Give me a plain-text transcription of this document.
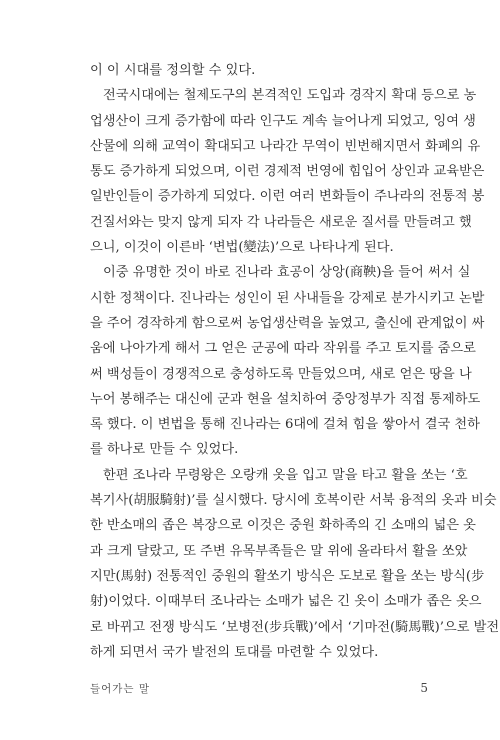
이 이 시대를 정의할 수 있다.
전국시대에는 철제도구의 본격적인 도입과 경작지 확대 등으로 농
업생산이 크게 증가함에 따라 인구도 계속 늘어나게 되었고, 잉여 생
산물에 의해 교역이 확대되고 나라간 무역이 빈번해지면서 화폐의 유
통도 증가하게 되었으며, 이런 경제적 번영에 힘입어 상인과 교육받은
일반인들이 증가하게 되었다. 이런 여러 변화들이 주나라의 전통적 봉
건질서와는 맞지 않게 되자 각 나라들은 새로운 질서를 만들려고 했
으니, 이것이 이른바 ‘변법(變法)’으로 나타나게 된다.
이중 유명한 것이 바로 진나라 효공이 상앙(商鞅)을 들어 써서 실
시한 정책이다. 진나라는 성인이 된 사내들을 강제로 분가시키고 논밭
을 주어 경작하게 함으로써 농업생산력을 높였고, 출신에 관계없이 싸
움에 나아가게 해서 그 얻은 군공에 따라 작위를 주고 토지를 줌으로
써 백성들이 경쟁적으로 충성하도록 만들었으며, 새로 얻은 땅을 나
누어 봉해주는 대신에 군과 현을 설치하여 중앙정부가 직접 통제하도
록 했다. 이 변법을 통해 진나라는 6대에 걸쳐 힘을 쌓아서 결국 천하
를 하나로 만들 수 있었다.
한편 조나라 무령왕은 오랑캐 옷을 입고 말을 타고 활을 쏘는 ‘호
복기사(胡服騎射)’를 실시했다. 당시에 호복이란 서북 융적의 옷과 비슷
한 반소매의 좁은 복장으로 이것은 중원 화하족의 긴 소매의 넓은 옷
과 크게 달랐고, 또 주변 유목부족들은 말 위에 올라타서 활을 쏘았
지만(馬射) 전통적인 중원의 활쏘기 방식은 도보로 활을 쏘는 방식(步
射)이었다. 이때부터 조나라는 소매가 넓은 긴 옷이 소매가 좁은 옷으
로 바뀌고 전쟁 방식도 ‘보병전(步兵戰)’에서 ‘기마전(騎馬戰)’으로 발전
하게 되면서 국가 발전의 토대를 마련할 수 있었다.
들어가는 말	5
